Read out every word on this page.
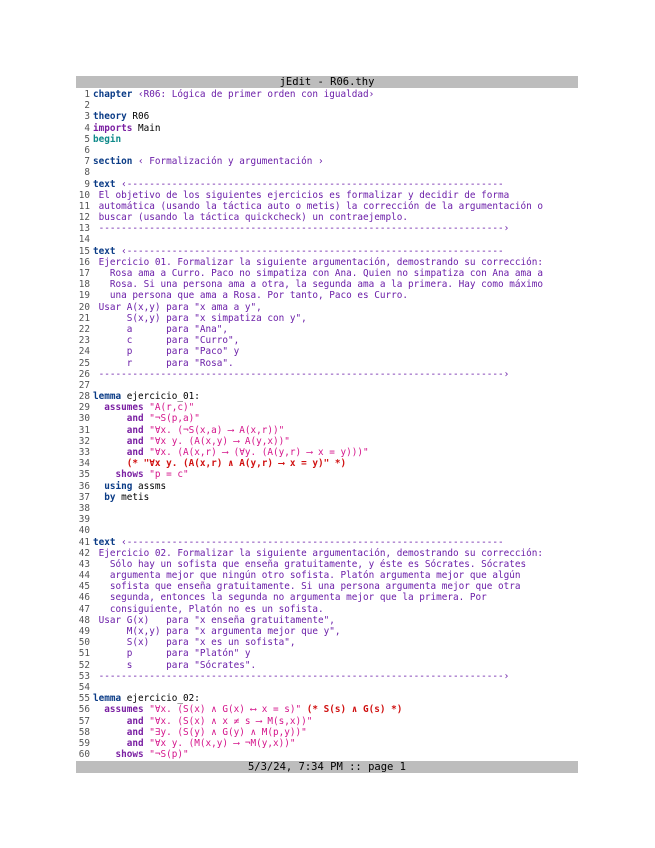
jEdit - R06.thy
1 chapter ‹R06: Lógica de primer orden con igualdad›
2
3 theory R06
4 imports Main
5 begin
6
7 section ‹ Formalización y argumentación ›
8
9 text ‹-------------------------------------------------------------------
10 El objetivo de los siguientes ejercicios es formalizar y decidir de forma
11 automática (usando la táctica auto o metis) la corrección de la argumentación o
12 buscar (usando la táctica quickcheck) un contraejemplo.
13 ------------------------------------------------------------------------›
14
15 text ‹-------------------------------------------------------------------
16 Ejercicio 01. Formalizar la siguiente argumentación, demostrando su corrección:
17 Rosa ama a Curro. Paco no simpatiza con Ana. Quien no simpatiza con Ana ama a
18 Rosa. Si una persona ama a otra, la segunda ama a la primera. Hay como máximo
19 una persona que ama a Rosa. Por tanto, Paco es Curro.
20 Usar A(x,y) para "x ama a y",
21 S(x,y) para "x simpatiza con y",
22 a      para "Ana",
23 c      para "Curro",
24 p      para "Paco" y
25 r      para "Rosa".
26 ------------------------------------------------------------------------›
27
28 lemma ejercicio_01:
29 assumes "A(r,c)"
30 and "¬S(p,a)"
31 and "∀x. (¬S(x,a) ⟶ A(x,r))"
32 and "∀x y. (A(x,y) ⟶ A(y,x))"
33 and "∀x. (A(x,r) ⟶ (∀y. (A(y,r) ⟶ x = y)))"
34 (* "∀x y. (A(x,r) ∧ A(y,r) ⟶ x = y)" *)
35 shows "p = c"
36 using assms
37 by metis
38
39
40
41 text ‹-------------------------------------------------------------------
42 Ejercicio 02. Formalizar la siguiente argumentación, demostrando su corrección:
43 Sólo hay un sofista que enseña gratuitamente, y éste es Sócrates. Sócrates
44 argumenta mejor que ningún otro sofista. Platón argumenta mejor que algún
45 sofista que enseña gratuitamente. Si una persona argumenta mejor que otra
46 segunda, entonces la segunda no argumenta mejor que la primera. Por
47 consiguiente, Platón no es un sofista.
48 Usar G(x)   para "x enseña gratuitamente",
49 M(x,y) para "x argumenta mejor que y",
50 S(x)   para "x es un sofista",
51 p      para "Platón" y
52 s      para "Sócrates".
53 ------------------------------------------------------------------------›
54
55 lemma ejercicio_02:
56 assumes "∀x. (S(x) ∧ G(x) ⟷ x = s)" (* S(s) ∧ G(s) *)
57 and "∀x. (S(x) ∧ x ≠ s ⟶ M(s,x))"
58 and "∃y. (S(y) ∧ G(y) ∧ M(p,y))"
59 and "∀x y. (M(x,y) ⟶ ¬M(y,x))"
60 shows "¬S(p)"
5/3/24, 7:34 PM :: page 1
